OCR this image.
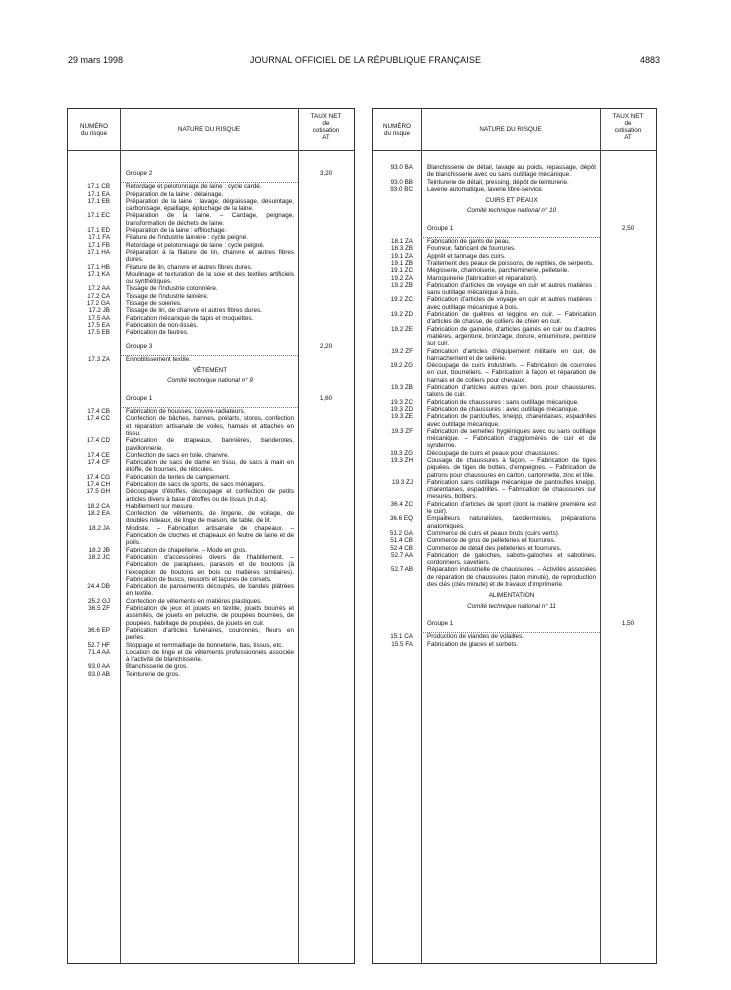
29 mars 1998	JOURNAL OFFICIEL DE LA RÉPUBLIQUE FRANÇAISE	4883
NUMÉRO
du risque	NATURE DU RISQUE
TAUX NET
de
cotisation
AT
Groupe 2	3,20
17.1 CB	Retordage et pelotonnage de laine : cycle cardé.
17.1 EA	Préparation de la laine : délainage.
17.1 EB	Préparation de la laine : lavage, dégraissage, désuintage, carbonisage, épaillage, épluchage de la laine.
17.1 EC	Préparation de la laine. – Cardage, peignage, transformation de déchets de laine.
17.1 ED	Préparation de la laine : effilochage.
17.1 FA	Filature de l'industrie lainière : cycle peigné.
17.1 FB	Retordage et pelotonnage de laine : cycle peigné.
17.1 HA	Préparation à la filature de lin, chanvre et autres fibres dures.
17.1 HB	Filature de lin, chanvre et autres fibres dures.
17.1 KA	Moulinage et texturation de la soie et des textiles artificiels ou synthétiques.
17.2 AA	Tissage de l'industrie cotonnière.
17.2 CA	Tissage de l'industrie lainière.
17.2 GA	Tissage de soieries.
17.2 JB	Tissage de lin, de chanvre et autres fibres dures.
17.5 AA	Fabrication mécanique de tapis et moquettes.
17.5 EA	Fabrication de non-tissés.
17.5 EB	Fabrication de feutres.
Groupe 3	2,20
17.3 ZA	Ennoblissement textile.
VÊTEMENT
Comité technique national n° 9
Groupe 1	1,60
17.4 CB	Fabrication de housses, couvre-radiateurs.
17.4 CC	Confection de bâches, bannes, prélarts, stores, confection et réparation artisanale de voiles, harnais et attaches en tissu.
17.4 CD	Fabrication de drapeaux, bannières, banderoles, pavillonnerie.
17.4 CE	Confection de sacs en toile, chanvre.
17.4 CF	Fabrication de sacs de dame en tissu, de sacs à main en étoffe, de bourses, de réticules.
17.4 CG	Fabrication de tentes de campement.
17.4 CH	Fabrication de sacs de sports, de sacs ménagers.
17.5 GH	Découpage d'étoffes, découpage et confection de petits articles divers à base d'étoffes ou de tissus (n.d.a).
18.2 CA	Habillement sur mesure.
18.2 EA	Confection de vêtements, de lingerie, de voilage, de doubles rideaux, de linge de maison, de table, de lit.
18.2 JA	Modiste. – Fabrication artisanale de chapeaux. – Fabrication de cloches et chapeaux en feutre de laine et de poils.
18.2 JB	Fabrication de chapellerie. – Mode en gros.
18.2 JC	Fabrication d'accessoires divers de l'habillement. – Fabrication de parapluies, parasols et de boutons (à l'exception de boutons en bois ou matières similaires). Fabrication de buscs, ressorts et laçures de corsets.
24.4 DB	Fabrication de pansements découpés, de bandes plâtrées en textile.
25.2 GJ	Confection de vêtements en matières plastiques.
36.5 ZF	Fabrication de jeux et jouets en textile, jouets bourrés et assimilés, de jouets en peluche, de poupées bourrées, de poupées, habillage de poupées, de jouets en cuir.
36.6 EP	Fabrication d'articles funéraires, couronnes, fleurs en perles.
52.7 HF	Stoppage et remmaillage de bonneterie, bas, tissus, etc.
71.4 AA	Location de linge et de vêtements professionnels associée à l'activité de blanchisserie.
93.0 AA	Blanchisserie de gros.
93.0 AB	Teinturerie de gros.
NUMÉRO
du risque	NATURE DU RISQUE
TAUX NET
de
cotisation
AT
93.0 BA	Blanchisserie de détail, lavage au poids, repassage, dépôt de blanchisserie avec ou sans outillage mécanique.
93.0 BB	Teinturerie de détail, pressing, dépôt de teinturerie.
93.0 BC	Laverie automatique, laverie libre-service.
CUIRS ET PEAUX
Comité technique national n° 10
Groupe 1	2,50
18.1 ZA	Fabrication de gants de peau.
18.3 ZB	Fourreur, fabricant de fourrures.
19.1 ZA	Apprêt et tannage des cuirs.
19.1 ZB	Traitement des peaux de poissons, de reptiles, de serpents.
19.1 ZC	Mégisserie, chamoiserie, parcheminerie, pelleterie.
19.2 ZA	Maroquinerie (fabrication et réparation).
19.2 ZB	Fabrication d'articles de voyage en cuir et autres matières : sans outillage mécanique à bois.
19.2 ZC	Fabrication d'articles de voyage en cuir et autres matières : avec outillage mécanique à bois.
19.2 ZD	Fabrication de guêtres et leggins en cuir. – Fabrication d'articles de chasse, de colliers de chien en cuir.
19.2 ZE	Fabrication de gainerie, d'articles gainés en cuir ou d'autres matières, argenture, bronzage, dorure, enluminure, peinture sur cuir.
19.2 ZF	Fabrication d'articles d'équipement militaire en cuir, de harnachement et de sellerie.
19.2 ZG	Découpage de cuirs industriels. – Fabrication de courroies en cuir, bourreliers. – Fabrication à façon et réparation de harnais et de colliers pour chevaux.
19.3 ZB	Fabrication d'articles autres qu'en bois pour chaussures, talons de cuir.
19.3 ZC	Fabrication de chaussures : sans outillage mécanique.
19.3 ZD	Fabrication de chaussures : avec outillage mécanique.
19.3 ZE	Fabrication de pantoufles, kneipp, charentaises, espadrilles avec outillage mécanique.
19.3 ZF	Fabrication de semelles hygiéniques avec ou sans outillage mécanique. – Fabrication d'agglomérés de cuir et de synderme.
19.3 ZG	Découpage de cuirs et peaux pour chaussures.
19.3 ZH	Cousage de chaussures à façon. – Fabrication de tiges piquées, de tiges de bottes, d'empeignes. – Fabrication de patrons pour chaussures en carton, cartonnette, zinc et tôle.
19.3 ZJ	Fabrication sans outillage mécanique de pantoufles kneipp, charentaises, espadrilles. – Fabrication de chaussures sur mesures, bottiers.
36.4 ZC	Fabrication d'articles de sport (dont la matière première est le cuir).
36.6 EQ	Empailleurs naturalistes, taxidermistes, préparations anatomiques.
51.2 GA	Commerce de cuirs et peaux bruts (cuirs verts).
51.4 CB	Commerce de gros de pelleteries et fourrures.
52.4 CB	Commerce de détail des pelleteries et fourrures.
52.7 AA	Fabrication de galoches, sabots-galoches et sabotines, cordonniers, savetiers.
52.7 AB	Réparation industrielle de chaussures. – Activités associées de réparation de chaussures (talon minute), de reproduction des clés (clés minute) et de travaux d'imprimerie.
ALIMENTATION
Comité technique national n° 11
Groupe 1	1,50
15.1 CA	Production de viandes de volailles.
15.5 FA	Fabrication de glaces et sorbets.
